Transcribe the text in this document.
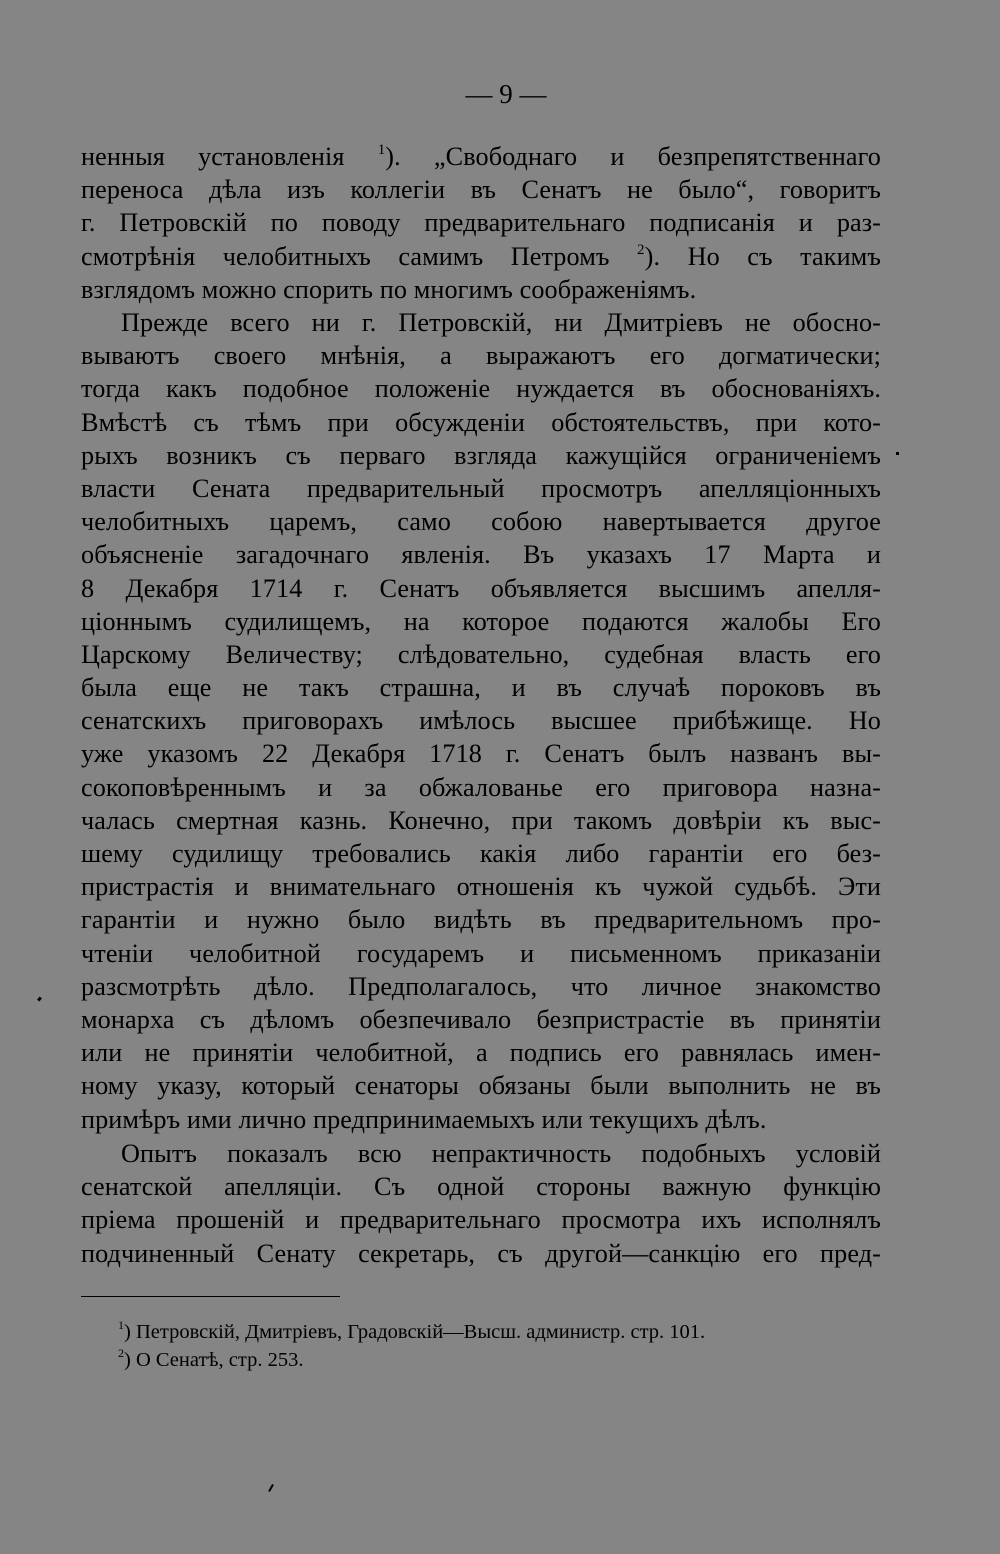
— 9 —
ненныя установленія $^1$). „Свободнаго и безпрепятственнаго
переноса дѣла изъ коллегіи въ Сенатъ не было“, говоритъ
г. Петровскій по поводу предварительнаго подписанія и раз-
смотрѣнія челобитныхъ самимъ Петромъ $^2$). Но съ такимъ
взглядомъ можно спорить по многимъ соображеніямъ.
Прежде всего ни г. Петровскій, ни Дмитріевъ не обосно-
вываютъ своего мнѣнія, а выражаютъ его догматически;
тогда какъ подобное положеніе нуждается въ обоснованіяхъ.
Вмѣстѣ съ тѣмъ при обсужденіи обстоятельствъ, при кото-
рыхъ возникъ съ перваго взгляда кажущійся ограниченіемъ
власти Сената предварительный просмотръ апелляціонныхъ
челобитныхъ царемъ, само собою навертывается другое
объясненіе загадочнаго явленія. Въ указахъ 17 Марта и
8 Декабря 1714 г. Сенатъ объявляется высшимъ апелля-
ціоннымъ судилищемъ, на которое подаются жалобы Его
Царскому Величеству; слѣдовательно, судебная власть его
была еще не такъ страшна, и въ случаѣ пороковъ въ
сенатскихъ приговорахъ имѣлось высшее прибѣжище. Но
уже указомъ 22 Декабря 1718 г. Сенатъ былъ названъ вы-
сокоповѣреннымъ и за обжалованье его приговора назна-
чалась смертная казнь. Конечно, при такомъ довѣріи къ выс-
шему судилищу требовались какія либо гарантіи его без-
пристрастія и внимательнаго отношенія къ чужой судьбѣ. Эти
гарантіи и нужно было видѣть въ предварительномъ про-
чтеніи челобитной государемъ и письменномъ приказаніи
разсмотрѣть дѣло. Предполагалось, что личное знакомство
монарха съ дѣломъ обезпечивало безпристрастіе въ принятіи
или не принятіи челобитной, а подпись его равнялась имен-
ному указу, который сенаторы обязаны были выполнить не въ
примѣръ ими лично предпринимаемыхъ или текущихъ дѣлъ.
Опытъ показалъ всю непрактичность подобныхъ условій
сенатской апелляціи. Съ одной стороны важную функцію
пріема прошеній и предварительнаго просмотра ихъ исполнялъ
подчиненный Сенату секретарь, съ другой—санкцію его пред-
$^1$) Петровскій, Дмитріевъ, Градовскій—Высш. администр. стр. 101.
$^2$) О Сенатѣ, стр. 253.
